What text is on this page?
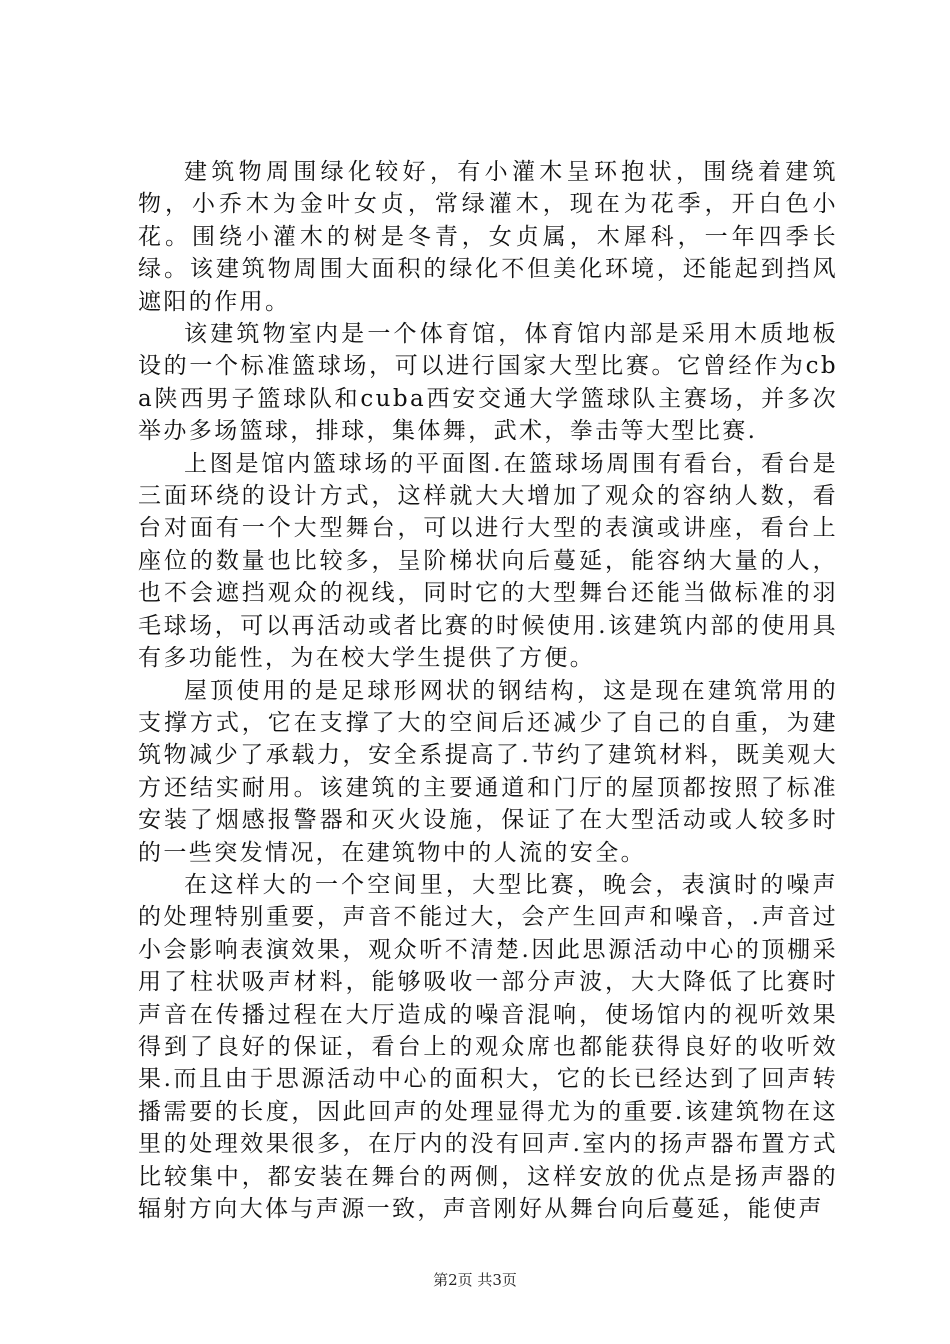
建筑物周围绿化较好，有小灌木呈环抱状，围绕着建筑物，小乔木为金叶女贞，常绿灌木，现在为花季，开白色小花。围绕小灌木的树是冬青，女贞属，木犀科，一年四季长绿。该建筑物周围大面积的绿化不但美化环境，还能起到挡风遮阳的作用。

该建筑物室内是一个体育馆，体育馆内部是采用木质地板设的一个标准篮球场，可以进行国家大型比赛。它曾经作为cba陕西男子篮球队和cuba西安交通大学篮球队主赛场，并多次举办多场篮球，排球，集体舞，武术，拳击等大型比赛.

上图是馆内篮球场的平面图.在篮球场周围有看台，看台是三面环绕的设计方式，这样就大大增加了观众的容纳人数，看台对面有一个大型舞台，可以进行大型的表演或讲座，看台上座位的数量也比较多，呈阶梯状向后蔓延，能容纳大量的人，也不会遮挡观众的视线，同时它的大型舞台还能当做标准的羽毛球场，可以再活动或者比赛的时候使用.该建筑内部的使用具有多功能性，为在校大学生提供了方便。

屋顶使用的是足球形网状的钢结构，这是现在建筑常用的支撑方式，它在支撑了大的空间后还减少了自己的自重，为建筑物减少了承载力，安全系提高了.节约了建筑材料，既美观大方还结实耐用。该建筑的主要通道和门厅的屋顶都按照了标准安装了烟感报警器和灭火设施，保证了在大型活动或人较多时的一些突发情况，在建筑物中的人流的安全。

在这样大的一个空间里，大型比赛，晚会，表演时的噪声的处理特别重要，声音不能过大，会产生回声和噪音，.声音过小会影响表演效果，观众听不清楚.因此思源活动中心的顶棚采用了柱状吸声材料，能够吸收一部分声波，大大降低了比赛时声音在传播过程在大厅造成的噪音混响，使场馆内的视听效果得到了良好的保证，看台上的观众席也都能获得良好的收听效果.而且由于思源活动中心的面积大，它的长已经达到了回声转播需要的长度，因此回声的处理显得尤为的重要.该建筑物在这里的处理效果很多，在厅内的没有回声.室内的扬声器布置方式比较集中，都安装在舞台的两侧，这样安放的优点是扬声器的辐射方向大体与声源一致，声音刚好从舞台向后蔓延，能使声

第2页 共3页
